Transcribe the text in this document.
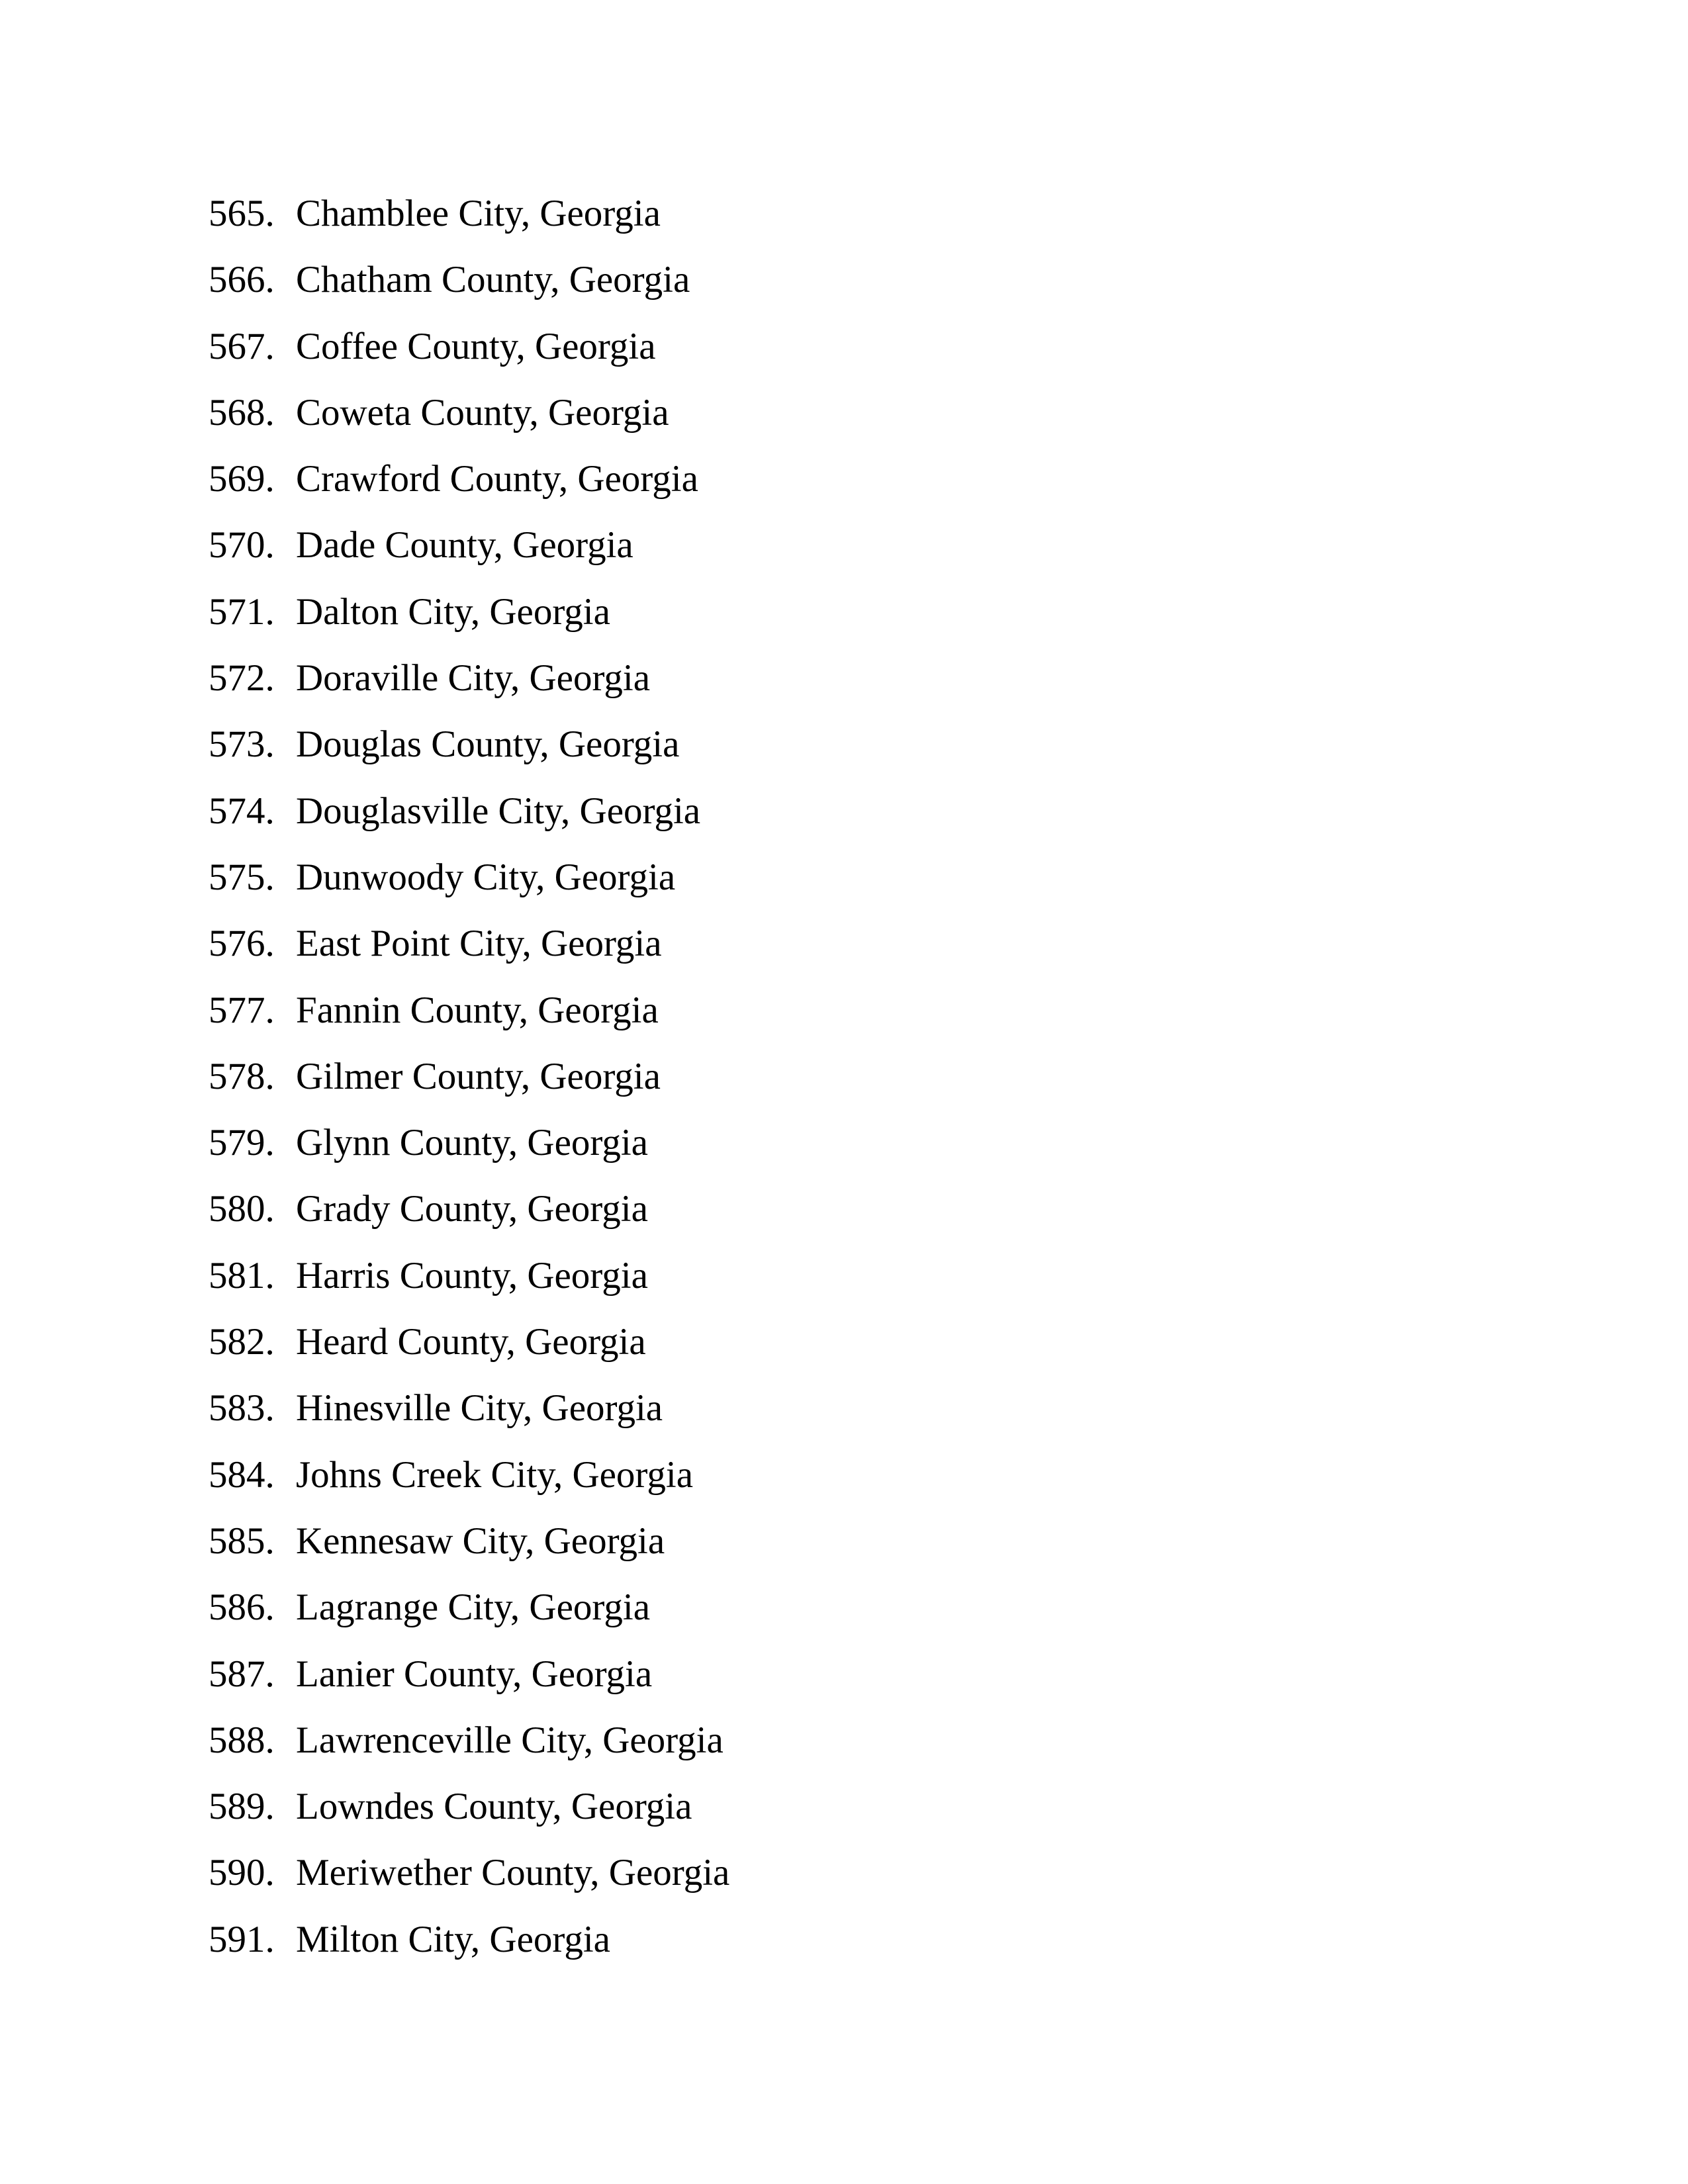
565. Chamblee City, Georgia
566. Chatham County, Georgia
567. Coffee County, Georgia
568. Coweta County, Georgia
569. Crawford County, Georgia
570. Dade County, Georgia
571. Dalton City, Georgia
572. Doraville City, Georgia
573. Douglas County, Georgia
574. Douglasville City, Georgia
575. Dunwoody City, Georgia
576. East Point City, Georgia
577. Fannin County, Georgia
578. Gilmer County, Georgia
579. Glynn County, Georgia
580. Grady County, Georgia
581. Harris County, Georgia
582. Heard County, Georgia
583. Hinesville City, Georgia
584. Johns Creek City, Georgia
585. Kennesaw City, Georgia
586. Lagrange City, Georgia
587. Lanier County, Georgia
588. Lawrenceville City, Georgia
589. Lowndes County, Georgia
590. Meriwether County, Georgia
591. Milton City, Georgia
